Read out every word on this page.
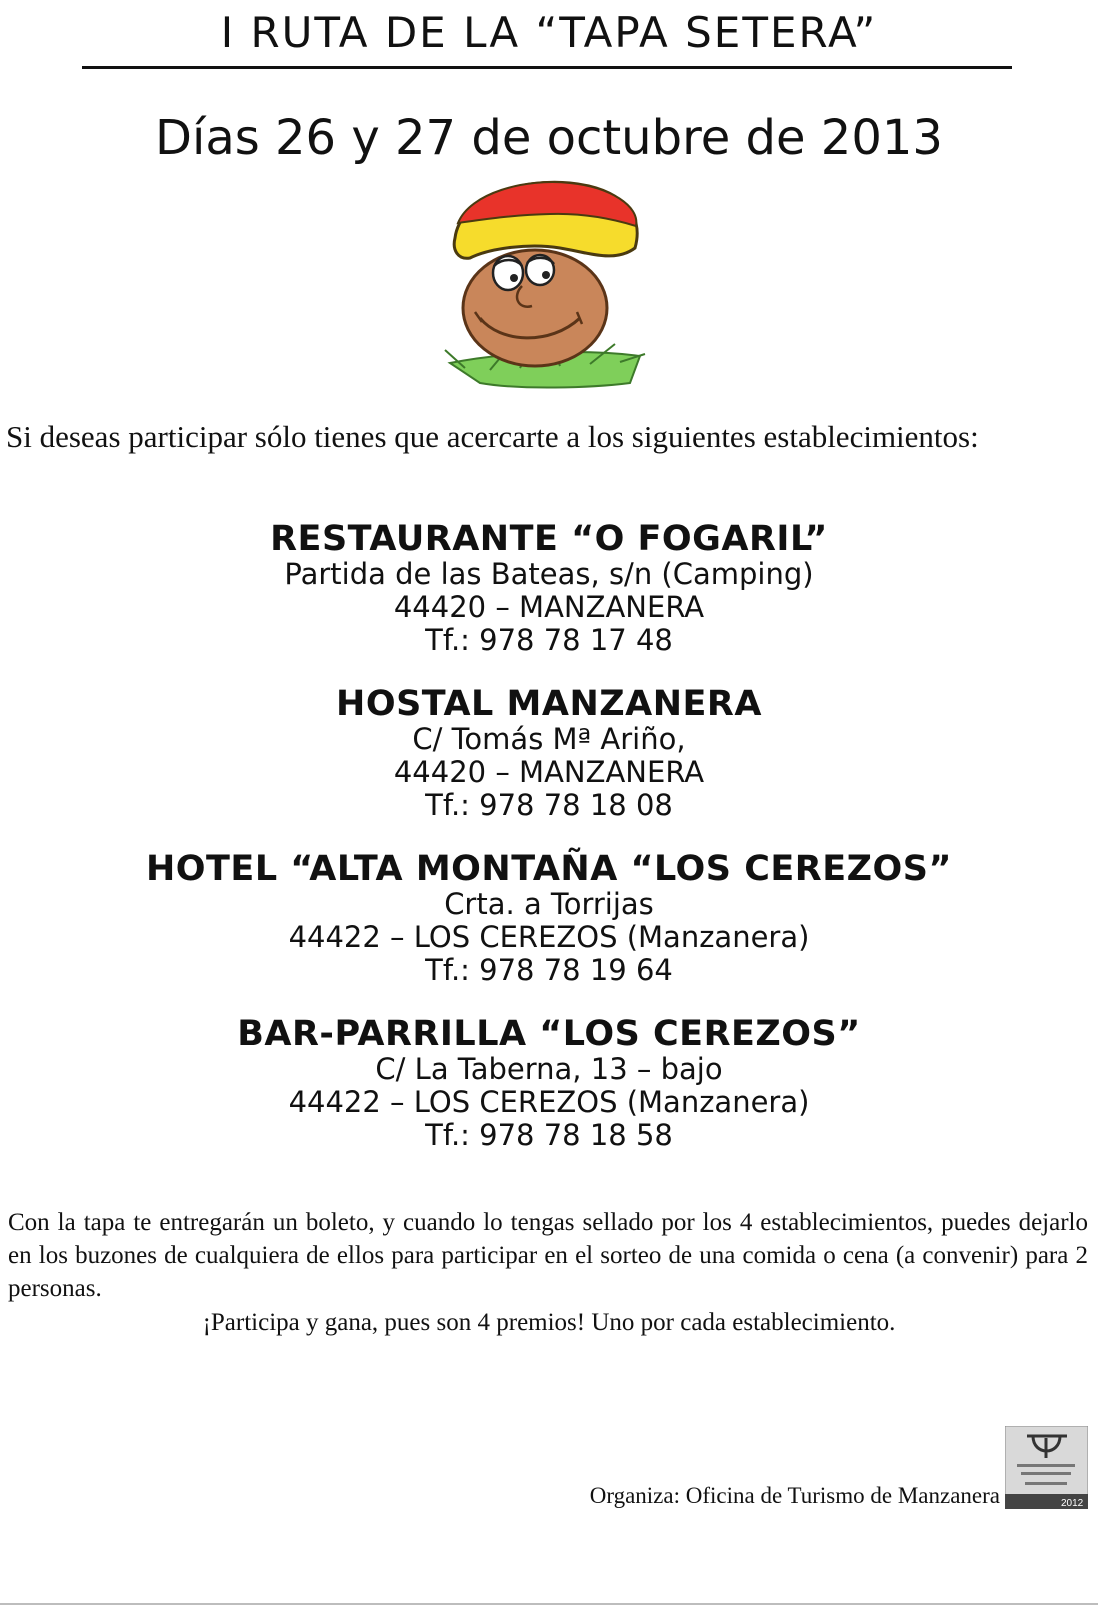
I RUTA DE LA “TAPA SETERA”
Días 26 y 27 de octubre de 2013
Si deseas participar sólo tienes que acercarte a los siguientes establecimientos:
RESTAURANTE “O FOGARIL”
Partida de las Bateas, s/n (Camping)
44420 – MANZANERA
Tf.: 978 78 17 48
HOSTAL MANZANERA
C/ Tomás Mª Ariño,
44420 – MANZANERA
Tf.: 978 78 18 08
HOTEL “ALTA MONTAÑA “LOS CEREZOS”
Crta. a Torrijas
44422 – LOS CEREZOS (Manzanera)
Tf.: 978 78 19 64
BAR-PARRILLA “LOS CEREZOS”
C/ La Taberna, 13 – bajo
44422 – LOS CEREZOS (Manzanera)
Tf.: 978 78 18 58
Con la tapa te entregarán un boleto, y cuando lo tengas sellado por los 4 establecimientos, puedes dejarlo en los buzones de cualquiera de ellos para participar en el sorteo de una comida o cena (a convenir) para 2 personas.
¡Participa y gana, pues son 4 premios! Uno por cada establecimiento.
Organiza: Oficina de Turismo de Manzanera	2012
